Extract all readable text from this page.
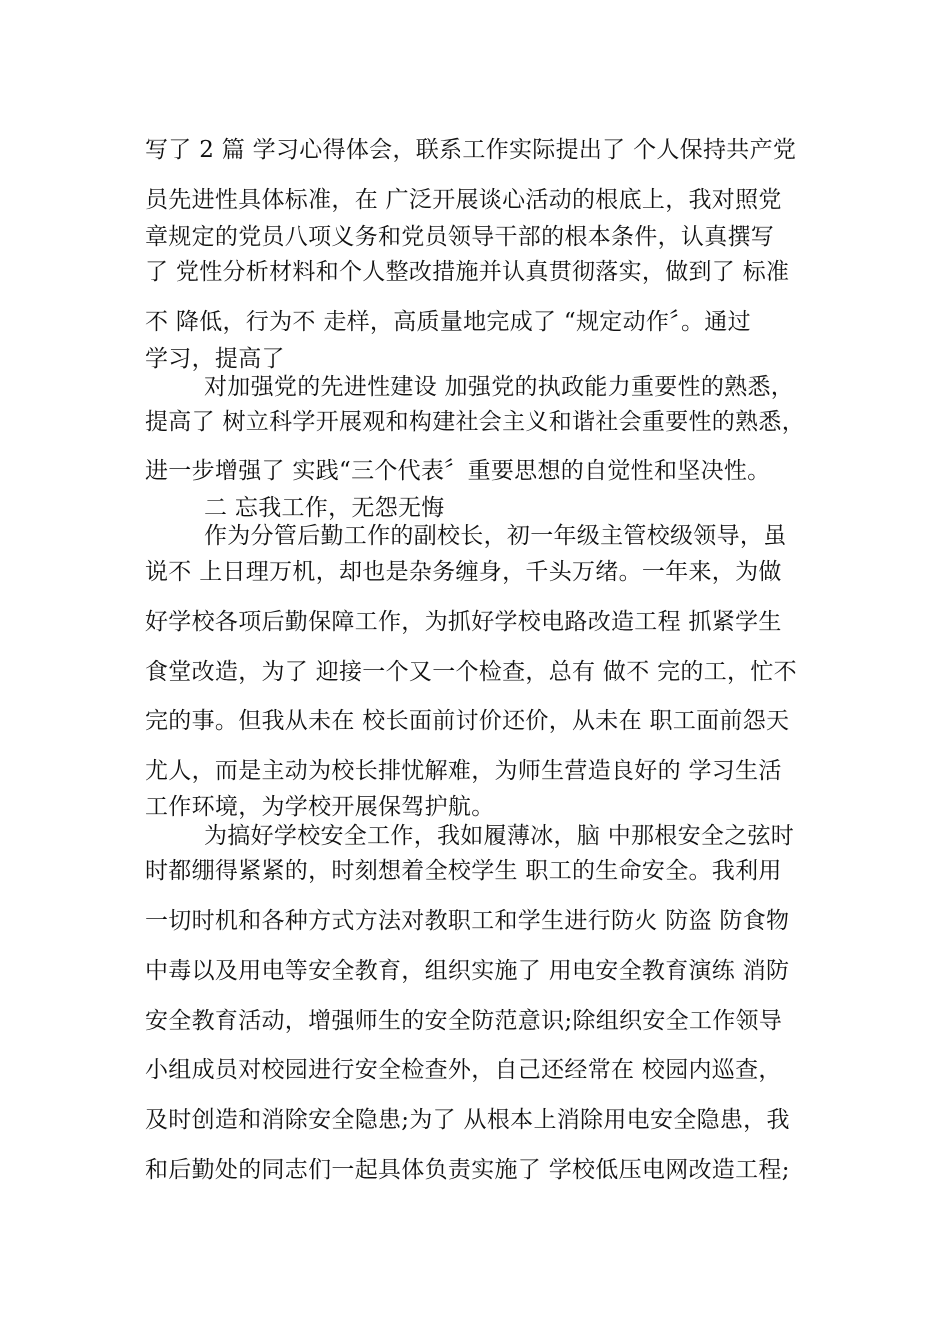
写了 2 篇 学习心得体会，联系工作实际提出了 个人保持共产党
员先进性具体标准，在 广泛开展谈心活动的根底上，我对照党
章规定的党员八项义务和党员领导干部的根本条件，认真撰写
了 党性分析材料和个人整改措施并认真贯彻落实，做到了 标准
不 降低，行为不 走样，高质量地完成了 “规定动作〞。通过
学习，提高了
对加强党的先进性建设 加强党的执政能力重要性的熟悉，
提高了 树立科学开展观和构建社会主义和谐社会重要性的熟悉，
进一步增强了 实践“三个代表〞重要思想的自觉性和坚决性。
二 忘我工作，无怨无悔
作为分管后勤工作的副校长，初一年级主管校级领导，虽
说不 上日理万机，却也是杂务缠身，千头万绪。一年来，为做
好学校各项后勤保障工作，为抓好学校电路改造工程 抓紧学生
食堂改造，为了 迎接一个又一个检查，总有 做不 完的工，忙不
完的事。但我从未在 校长面前讨价还价，从未在 职工面前怨天
尤人，而是主动为校长排忧解难，为师生营造良好的 学习生活
工作环境，为学校开展保驾护航。
为搞好学校安全工作，我如履薄冰，脑 中那根安全之弦时
时都绷得紧紧的，时刻想着全校学生 职工的生命安全。我利用
一切时机和各种方式方法对教职工和学生进行防火 防盗 防食物
中毒以及用电等安全教育，组织实施了 用电安全教育演练 消防
安全教育活动，增强师生的安全防范意识;除组织安全工作领导
小组成员对校园进行安全检查外，自己还经常在 校园内巡查，
及时创造和消除安全隐患;为了 从根本上消除用电安全隐患，我
和后勤处的同志们一起具体负责实施了 学校低压电网改造工程;
